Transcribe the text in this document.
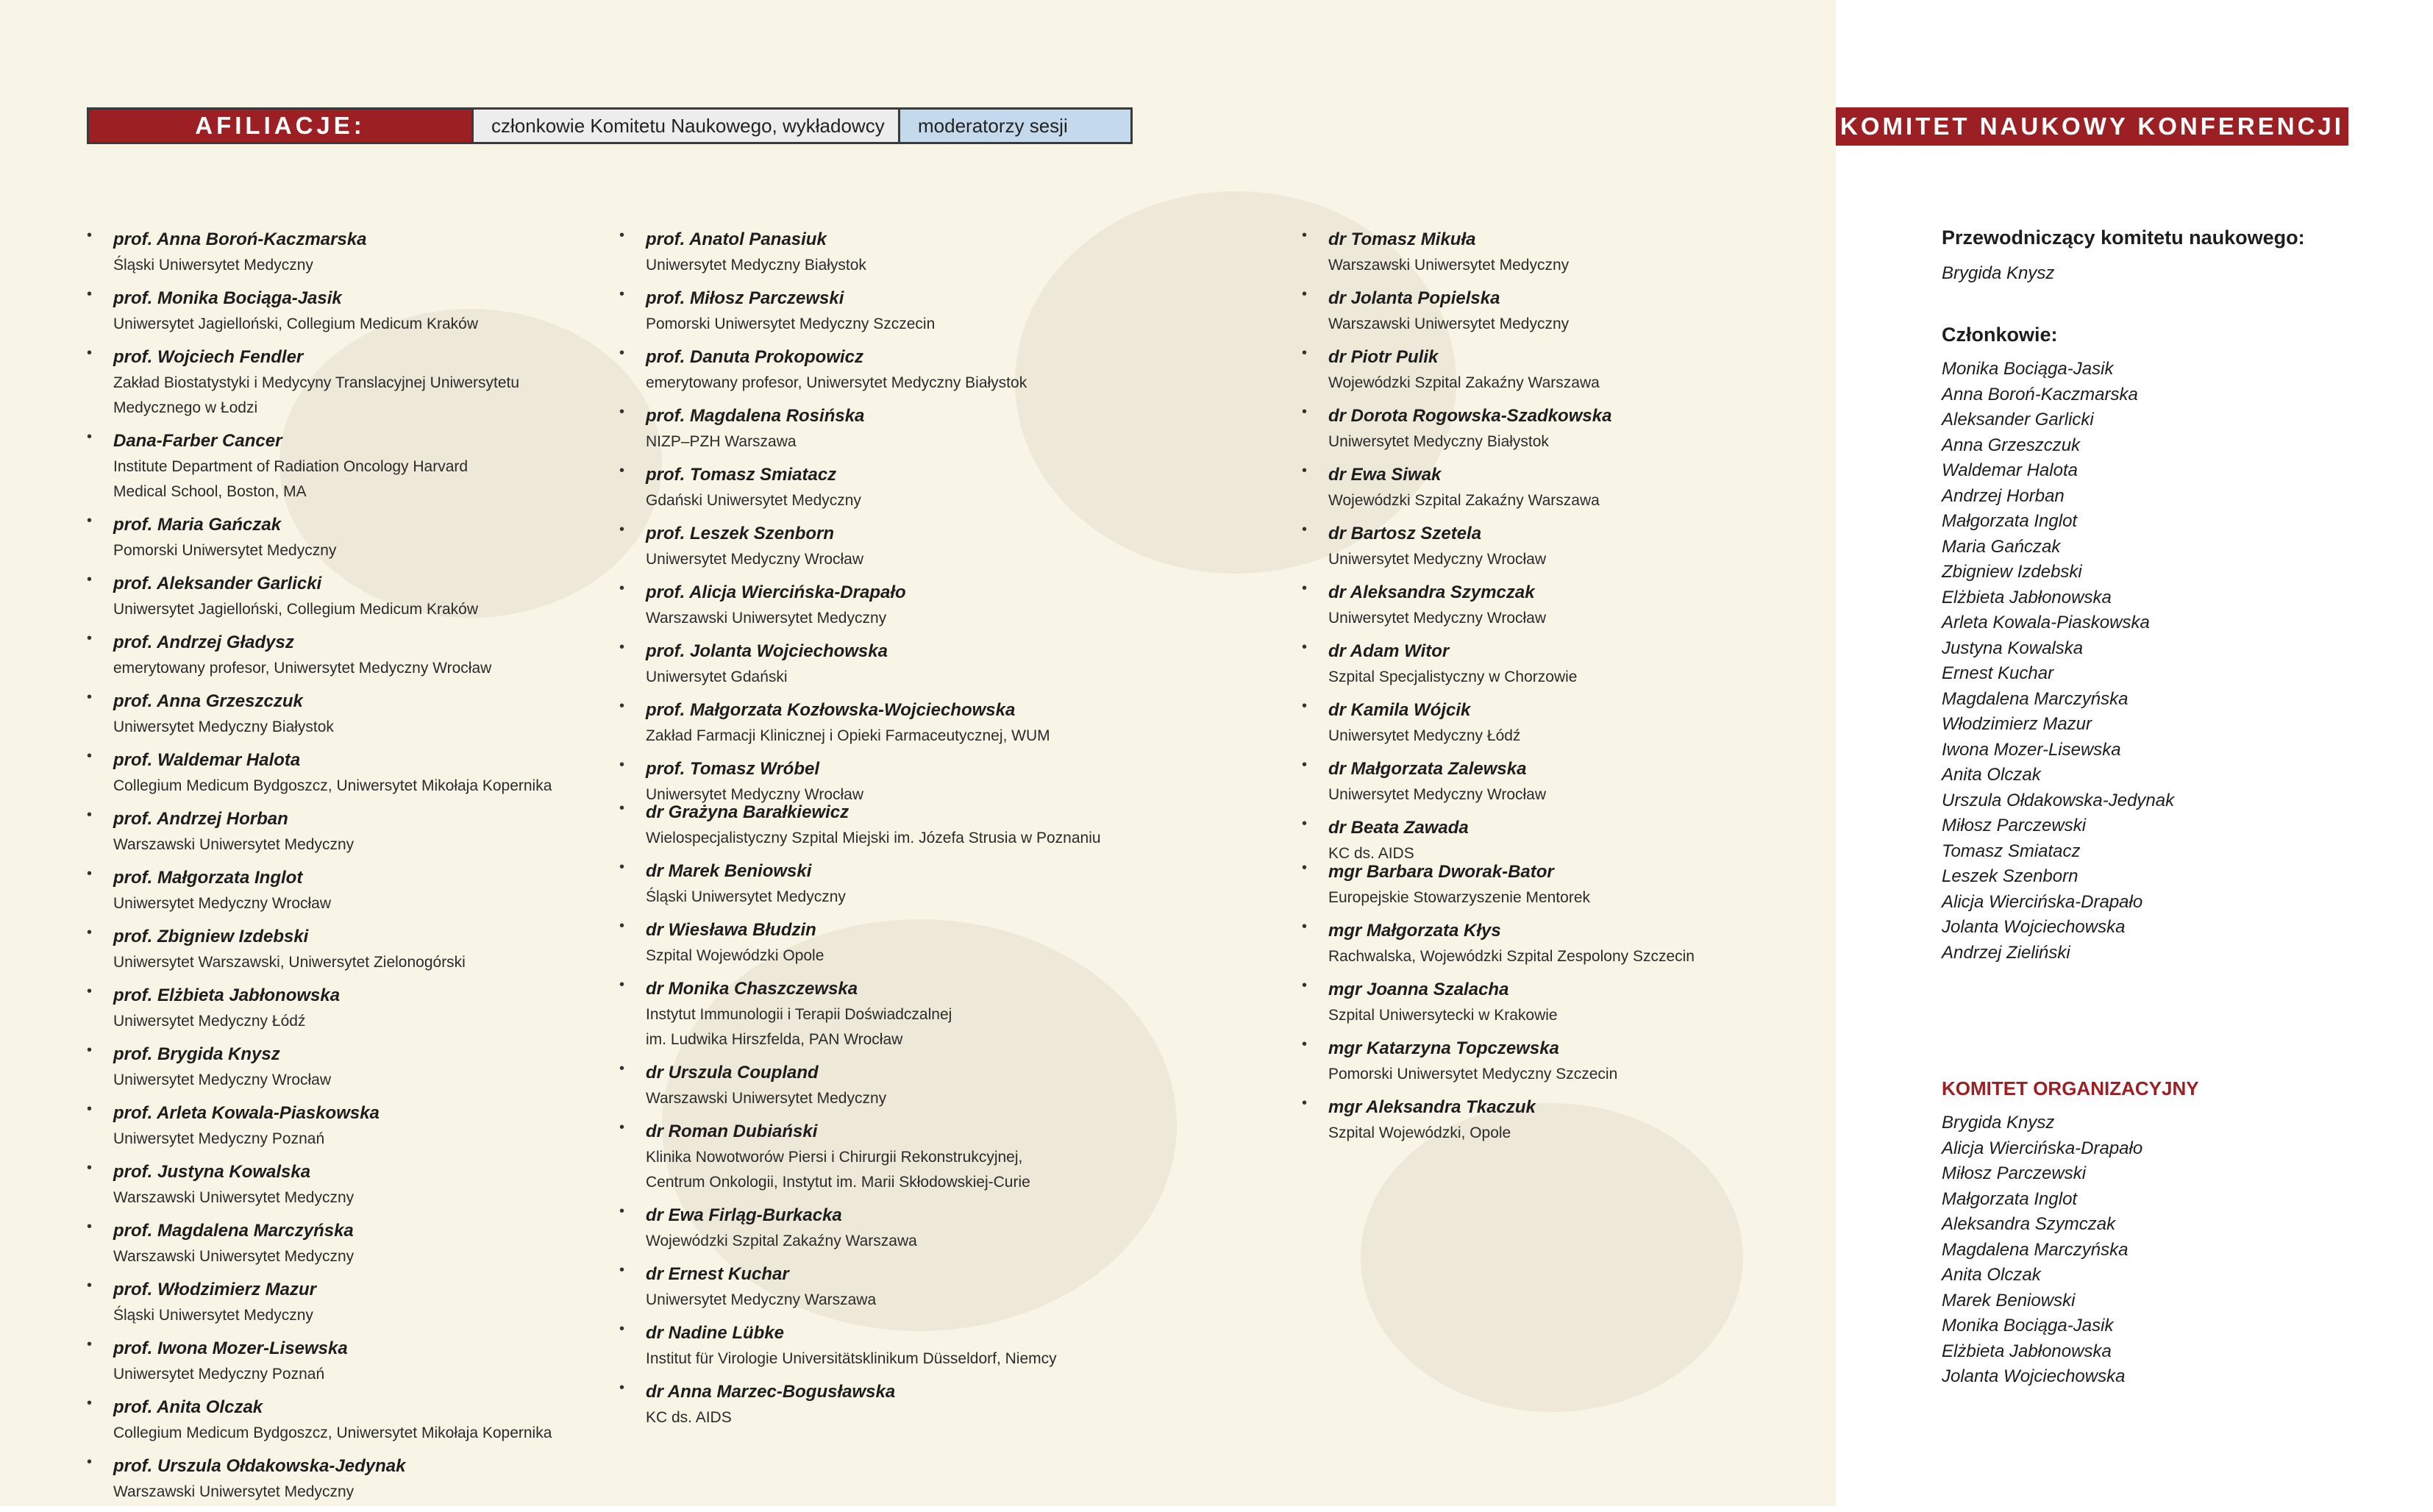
AFILIACJE:	członkowie Komitetu Naukowego, wykładowcy	moderatorzy sesji
• prof. Anna Boroń-Kaczmarska
Śląski Uniwersytet Medyczny
• prof. Monika Bociąga-Jasik
Uniwersytet Jagielloński, Collegium Medicum Kraków
• prof. Wojciech Fendler
Zakład Biostatystyki i Medycyny Translacyjnej Uniwersytetu
Medycznego w Łodzi
• Dana-Farber Cancer
Institute Department of Radiation Oncology Harvard
Medical School, Boston, MA
• prof. Maria Gańczak
Pomorski Uniwersytet Medyczny
• prof. Aleksander Garlicki
Uniwersytet Jagielloński, Collegium Medicum Kraków
• prof. Andrzej Gładysz
emerytowany profesor, Uniwersytet Medyczny Wrocław
• prof. Anna Grzeszczuk
Uniwersytet Medyczny Białystok
• prof. Waldemar Halota
Collegium Medicum Bydgoszcz, Uniwersytet Mikołaja Kopernika
• prof. Andrzej Horban
Warszawski Uniwersytet Medyczny
• prof. Małgorzata Inglot
Uniwersytet Medyczny Wrocław
• prof. Zbigniew Izdebski
Uniwersytet Warszawski, Uniwersytet Zielonogórski
• prof. Elżbieta Jabłonowska
Uniwersytet Medyczny Łódź
• prof. Brygida Knysz
Uniwersytet Medyczny Wrocław
• prof. Arleta Kowala-Piaskowska
Uniwersytet Medyczny Poznań
• prof. Justyna Kowalska
Warszawski Uniwersytet Medyczny
• prof. Magdalena Marczyńska
Warszawski Uniwersytet Medyczny
• prof. Włodzimierz Mazur
Śląski Uniwersytet Medyczny
• prof. Iwona Mozer-Lisewska
Uniwersytet Medyczny Poznań
• prof. Anita Olczak
Collegium Medicum Bydgoszcz, Uniwersytet Mikołaja Kopernika
• prof. Urszula Ołdakowska-Jedynak
Warszawski Uniwersytet Medyczny
• prof. Anatol Panasiuk
Uniwersytet Medyczny Białystok
• prof. Miłosz Parczewski
Pomorski Uniwersytet Medyczny Szczecin
• prof. Danuta Prokopowicz
emerytowany profesor, Uniwersytet Medyczny Białystok
• prof. Magdalena Rosińska
NIZP–PZH Warszawa
• prof. Tomasz Smiatacz
Gdański Uniwersytet Medyczny
• prof. Leszek Szenborn
Uniwersytet Medyczny Wrocław
• prof. Alicja Wiercińska-Drapało
Warszawski Uniwersytet Medyczny
• prof. Jolanta Wojciechowska
Uniwersytet Gdański
• prof. Małgorzata Kozłowska-Wojciechowska
Zakład Farmacji Klinicznej i Opieki Farmaceutycznej, WUM
• prof. Tomasz Wróbel
Uniwersytet Medyczny Wrocław
• dr Grażyna Barałkiewicz
Wielospecjalistyczny Szpital Miejski im. Józefa Strusia w Poznaniu
• dr Marek Beniowski
Śląski Uniwersytet Medyczny
• dr Wiesława Błudzin
Szpital Wojewódzki Opole
• dr Monika Chaszczewska
Instytut Immunologii i Terapii Doświadczalnej
im. Ludwika Hirszfelda, PAN Wrocław
• dr Urszula Coupland
Warszawski Uniwersytet Medyczny
• dr Roman Dubiański
Klinika Nowotworów Piersi i Chirurgii Rekonstrukcyjnej,
Centrum Onkologii, Instytut im. Marii Skłodowskiej-Curie
• dr Ewa Firląg-Burkacka
Wojewódzki Szpital Zakaźny Warszawa
• dr Ernest Kuchar
Uniwersytet Medyczny Warszawa
• dr Nadine Lübke
Institut für Virologie Universitätsklinikum Düsseldorf, Niemcy
• dr Anna Marzec-Bogusławska
KC ds. AIDS
• dr Tomasz Mikuła
Warszawski Uniwersytet Medyczny
• dr Jolanta Popielska
Warszawski Uniwersytet Medyczny
• dr Piotr Pulik
Wojewódzki Szpital Zakaźny Warszawa
• dr Dorota Rogowska-Szadkowska
Uniwersytet Medyczny Białystok
• dr Ewa Siwak
Wojewódzki Szpital Zakaźny Warszawa
• dr Bartosz Szetela
Uniwersytet Medyczny Wrocław
• dr Aleksandra Szymczak
Uniwersytet Medyczny Wrocław
• dr Adam Witor
Szpital Specjalistyczny w Chorzowie
• dr Kamila Wójcik
Uniwersytet Medyczny Łódź
• dr Małgorzata Zalewska
Uniwersytet Medyczny Wrocław
• dr Beata Zawada
KC ds. AIDS
• mgr Barbara Dworak-Bator
Europejskie Stowarzyszenie Mentorek
• mgr Małgorzata Kłys
Rachwalska, Wojewódzki Szpital Zespolony Szczecin
• mgr Joanna Szalacha
Szpital Uniwersytecki w Krakowie
• mgr Katarzyna Topczewska
Pomorski Uniwersytet Medyczny Szczecin
• mgr Aleksandra Tkaczuk
Szpital Wojewódzki, Opole
KOMITET NAUKOWY KONFERENCJI

Przewodniczący komitetu naukowego:

Brygida Knysz

Członkowie:

Monika Bociąga-Jasik
Anna Boroń-Kaczmarska
Aleksander Garlicki
Anna Grzeszczuk
Waldemar Halota
Andrzej Horban
Małgorzata Inglot
Maria Gańczak
Zbigniew Izdebski
Elżbieta Jabłonowska
Arleta Kowala-Piaskowska
Justyna Kowalska
Ernest Kuchar
Magdalena Marczyńska
Włodzimierz Mazur
Iwona Mozer-Lisewska
Anita Olczak
Urszula Ołdakowska-Jedynak
Miłosz Parczewski
Tomasz Smiatacz
Leszek Szenborn
Alicja Wiercińska-Drapało
Jolanta Wojciechowska
Andrzej Zieliński

KOMITET ORGANIZACYJNY

Brygida Knysz
Alicja Wiercińska-Drapało
Miłosz Parczewski
Małgorzata Inglot
Aleksandra Szymczak
Magdalena Marczyńska
Anita Olczak
Marek Beniowski
Monika Bociąga-Jasik
Elżbieta Jabłonowska
Jolanta Wojciechowska
